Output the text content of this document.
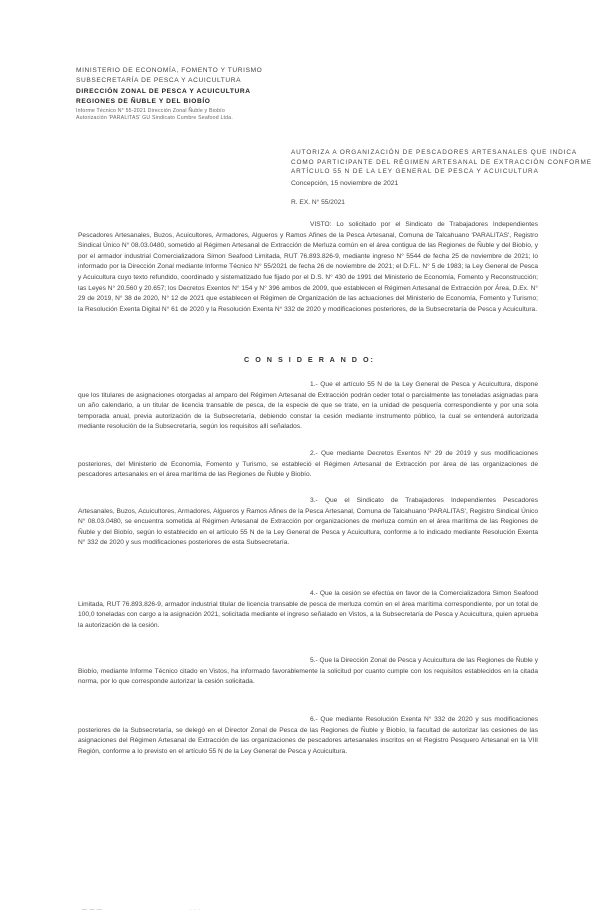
MINISTERIO DE ECONOMÍA, FOMENTO Y TURISMO
SUBSECRETARÍA DE PESCA Y ACUICULTURA
DIRECCIÓN ZONAL DE PESCA Y ACUICULTURA
REGIONES DE ÑUBLE Y DEL BIOBÍO
Informe Técnico N° 55-2021 Dirección Zonal Ñuble y Biobío
Autorización 'PARALITAS' GU Sindicato Cumbre Seafood Ltda.
AUTORIZA A ORGANIZACIÓN DE PESCADORES ARTESANALES QUE INDICA
COMO PARTICIPANTE DEL RÉGIMEN ARTESANAL DE EXTRACCIÓN CONFORME
ARTÍCULO 55 N DE LA LEY GENERAL DE PESCA Y ACUICULTURA
Concepción, 15 noviembre de 2021
R. EX. N° 55/2021
VISTO: Lo solicitado por el Sindicato de Trabajadores Independientes Pescadores Artesanales, Buzos, Acuicultores, Armadores, Algueros y Ramos Afines de la Pesca Artesanal, Comuna de Talcahuano 'PARALITAS', Registro Sindical Único N° 08.03.0480, sometido al Régimen Artesanal de Extracción de Merluza común en el área contigua de las Regiones de Ñuble y del Biobío, y por el armador industrial Comercializadora Simon Seafood Limitada, RUT 76.893.826-9, mediante ingreso N° 5544 de fecha 25 de noviembre de 2021; lo informado por la Dirección Zonal mediante Informe Técnico N° 55/2021 de fecha 26 de noviembre de 2021; el D.F.L. N° 5 de 1983; la Ley General de Pesca y Acuicultura cuyo texto refundido, coordinado y sistematizado fue fijado por el D.S. N° 430 de 1991 del Ministerio de Economía, Fomento y Reconstrucción; las Leyes N° 20.560 y 20.657; los Decretos Exentos N° 154 y N° 396 ambos de 2009, que establecen el Régimen Artesanal de Extracción por Área, D.Ex. N° 29 de 2019, N° 38 de 2020, N° 12 de 2021 que establecen el Régimen de Organización de las actuaciones del Ministerio de Economía, Fomento y Turismo; la Resolución Exenta Digital N° 61 de 2020 y la Resolución Exenta N° 332 de 2020 y modificaciones posteriores, de la Subsecretaría de Pesca y Acuicultura.
C O N S I D E R A N D O:
1.- Que el artículo 55 N de la Ley General de Pesca y Acuicultura, dispone que los titulares de asignaciones otorgadas al amparo del Régimen Artesanal de Extracción podrán ceder total o parcialmente las toneladas asignadas para un año calendario, a un titular de licencia transable de pesca, de la especie de que se trate, en la unidad de pesquería correspondiente y por una sola temporada anual, previa autorización de la Subsecretaría, debiendo constar la cesión mediante instrumento público, la cual se entenderá autorizada mediante resolución de la Subsecretaría, según los requisitos allí señalados.
2.- Que mediante Decretos Exentos N° 29 de 2019 y sus modificaciones posteriores, del Ministerio de Economía, Fomento y Turismo, se estableció el Régimen Artesanal de Extracción por área de las organizaciones de pescadores artesanales en el área marítima de las Regiones de Ñuble y Biobío.
3.- Que el Sindicato de Trabajadores Independientes Pescadores Artesanales, Buzos, Acuicultores, Armadores, Algueros y Ramos Afines de la Pesca Artesanal, Comuna de Talcahuano 'PARALITAS', Registro Sindical Único N° 08.03.0480, se encuentra sometida al Régimen Artesanal de Extracción por organizaciones de merluza común en el área marítima de las Regiones de Ñuble y del Biobío, según lo establecido en el artículo 55 N de la Ley General de Pesca y Acuicultura, conforme a lo indicado mediante Resolución Exenta N° 332 de 2020 y sus modificaciones posteriores de esta Subsecretaría.
4.- Que la cesión se efectúa en favor de la Comercializadora Simon Seafood Limitada, RUT 76.893.826-9, armador industrial titular de licencia transable de pesca de merluza común en el área marítima correspondiente, por un total de 100,0 toneladas con cargo a la asignación 2021, solicitada mediante el ingreso señalado en Vistos, a la Subsecretaría de Pesca y Acuicultura, quien aprueba la autorización de la cesión.
5.- Que la Dirección Zonal de Pesca y Acuicultura de las Regiones de Ñuble y Biobío, mediante Informe Técnico citado en Vistos, ha informado favorablemente la solicitud por cuanto cumple con los requisitos establecidos en la citada norma, por lo que corresponde autorizar la cesión solicitada.
6.- Que mediante Resolución Exenta N° 332 de 2020 y sus modificaciones posteriores de la Subsecretaría, se delegó en el Director Zonal de Pesca de las Regiones de Ñuble y Biobío, la facultad de autorizar las cesiones de las asignaciones del Régimen Artesanal de Extracción de las organizaciones de pescadores artesanales inscritos en el Registro Pesquero Artesanal en la VIII Región, conforme a lo previsto en el artículo 55 N de la Ley General de Pesca y Acuicultura.
— — —	· · ·
